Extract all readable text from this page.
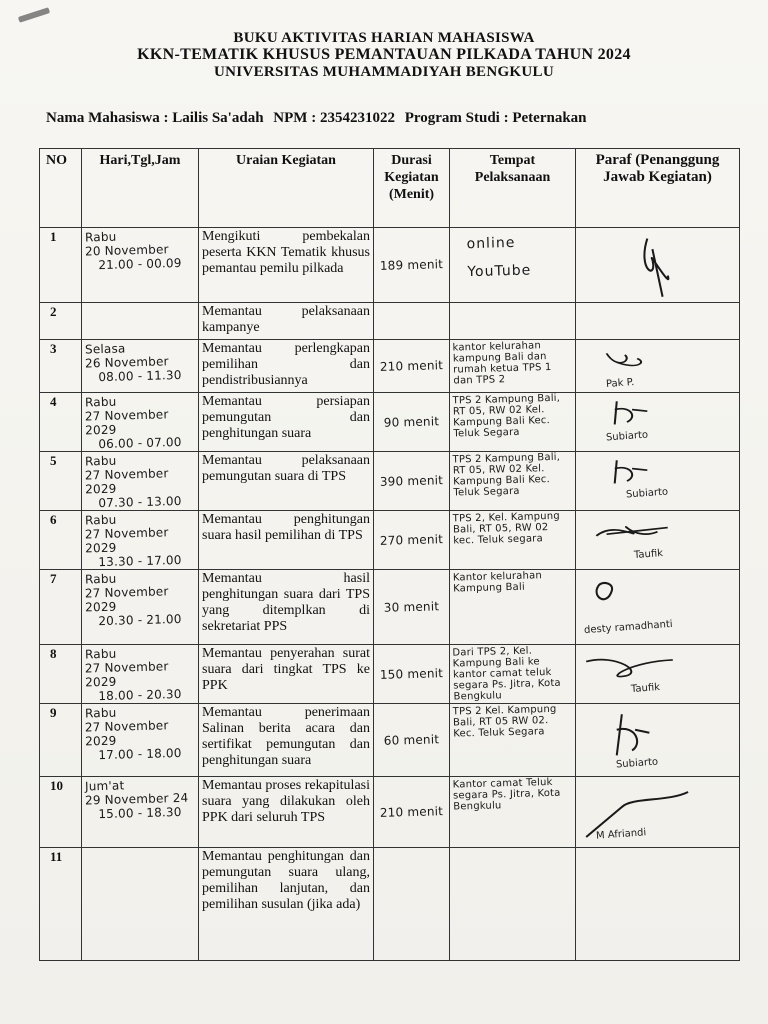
BUKU AKTIVITAS HARIAN MAHASISWA
KKN-TEMATIK KHUSUS PEMANTAUAN PILKADA TAHUN 2024
UNIVERSITAS MUHAMMADIYAH BENGKULU
Nama Mahasiswa : Lailis Sa'adah NPM : 2354231022 Program Studi : Peternakan
NO	Hari,Tgl,Jam	Uraian Kegiatan	Durasi Kegiatan (Menit)	Tempat Pelaksanaan	Paraf (Penanggung Jawab Kegiatan)
1	Rabu
20 November
21.00 - 00.09	Mengikuti pembekalan peserta KKN Tematik khusus pemantau pemilu pilkada	189 menit	online
YouTube

2		Memantau pelaksanaan kampanye	

3	Selasa
26 November
08.00 - 11.30	Memantau perlengkapan pemilihan dan pendistribusiannya	210 menit	kantor kelurahan kampung Bali dan rumah ketua TPS 1 dan TPS 2	Pak P.

4	Rabu
27 November 2029
06.00 - 07.00	Memantau persiapan pemungutan dan penghitungan suara	90 menit	TPS 2 Kampung Bali, RT 05, RW 02 Kel. Kampung Bali Kec. Teluk Segara	Subiarto

5	Rabu
27 November 2029
07.30 - 13.00	Memantau pelaksanaan pemungutan suara di TPS	390 menit	TPS 2 Kampung Bali, RT 05, RW 02 Kel. Kampung Bali Kec. Teluk Segara	Subiarto

6	Rabu
27 November 2029
13.30 - 17.00	Memantau penghitungan suara hasil pemilihan di TPS	270 menit	TPS 2, Kel. Kampung Bali, RT 05, RW 02 kec. Teluk segara	Taufik

7	Rabu
27 November 2029
20.30 - 21.00	Memantau hasil penghitungan suara dari TPS yang ditemplkan di sekretariat PPS	30 menit	Kantor kelurahan Kampung Bali	desty ramadhanti

8	Rabu
27 November 2029
18.00 - 20.30	Memantau penyerahan surat suara dari tingkat TPS ke PPK	150 menit	Dari TPS 2, Kel. Kampung Bali ke kantor camat teluk segara Ps. Jitra, Kota Bengkulu	Taufik

9	Rabu
27 November 2029
17.00 - 18.00	Memantau penerimaan Salinan berita acara dan sertifikat pemungutan dan penghitungan suara	60 menit	TPS 2 Kel. Kampung Bali, RT 05 RW 02. Kec. Teluk Segara	Subiarto

10	Jum'at
29 November 24
15.00 - 18.30	Memantau proses rekapitulasi suara yang dilakukan oleh PPK dari seluruh TPS	210 menit	Kantor camat Teluk segara Ps. Jitra, Kota Bengkulu	M Afriandi

11		Memantau penghitungan dan pemungutan suara ulang, pemilihan lanjutan, dan pemilihan susulan (jika ada)	
